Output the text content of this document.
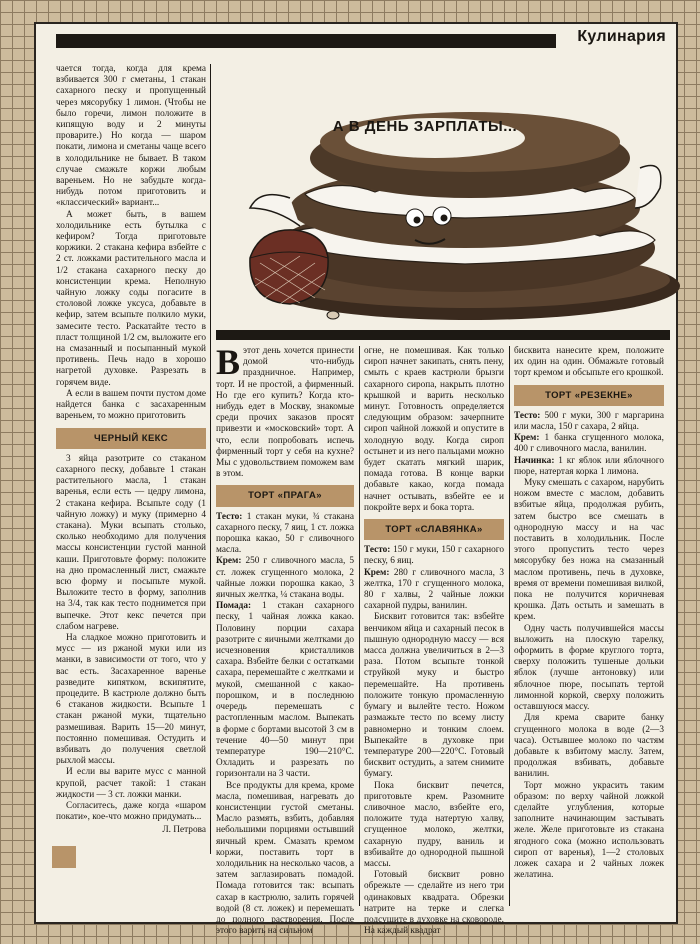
Кулинария
А В ДЕНЬ ЗАРПЛАТЫ...

чается тогда, когда для крема взбивается 300 г сметаны, 1 стакан сахарного песку и пропущенный через мясорубку 1 лимон. (Чтобы не было горечи, лимон положите в кипящую воду и 2 минуты проварите.) Но когда — шаром покати, лимона и сметаны чаще всего в холодильнике не бывает. В таком случае смажьте коржи любым вареньем. Но не забудьте когда-нибудь потом приготовить и «классический» вариант...

А может быть, в вашем холодильнике есть бутылка с кефиром? Тогда приготовьте коржики. 2 стакана кефира взбейте с 2 ст. ложками растительного масла и 1/2 стакана сахарного песку до консистенции крема. Неполную чайную ложку соды погасите в столовой ложке уксуса, добавьте в кефир, затем всыпьте полкило муки, замесите тесто. Раскатайте тесто в пласт толщиной 1/2 см, выложите его на смазанный и посыпанный мукой противень. Печь надо в хорошо нагретой духовке. Разрезать в горячем виде.

А если в вашем почти пустом доме найдется банка с засахаренным вареньем, то можно приготовить

ЧЕРНЫЙ КЕКС

3 яйца разотрите со стаканом сахарного песку, добавьте 1 стакан растительного масла, 1 стакан варенья, если есть — цедру лимона, 2 стакана кефира. Всыпьте соду (1 чайную ложку) и муку (примерно 4 стакана). Муки всыпать столько, сколько необходимо для получения массы консистенции густой манной каши. Приготовьте форму: положите на дно промасленный лист, смажьте всю форму и посыпьте мукой. Выложите тесто в форму, заполнив на 3/4, так как тесто поднимется при выпечке. Этот кекс печется при слабом нагреве.

На сладкое можно приготовить и мусс — из ржаной муки или из манки, в зависимости от того, что у вас есть. Засахаренное варенье разведите кипятком, вскипятите, процедите. В кастрюле должно быть 6 стаканов жидкости. Всыпьте 1 стакан ржаной муки, тщательно размешивая. Варить 15—20 минут, постоянно помешивая. Остудить и взбивать до получения светлой рыхлой массы.

И если вы варите мусс с манной крупой, расчет такой: 1 стакан жидкости — 3 ст. ложки манки.

Согласитесь, даже когда «шаром покати», кое-что можно придумать...

Л. Петрова

Вэтот день хочется принести домой что-нибудь праздничное. Например, торт. И не простой, а фирменный. Но где его купить? Когда кто-нибудь едет в Москву, знакомые среди прочих заказов просят привезти и «московский» торт. А что, если попробовать испечь фирменный торт у себя на кухне? Мы с удовольствием поможем вам в этом.

ТОРТ «ПРАГА»

Тесто: 1 стакан муки, ¾ стакана сахарного песку, 7 яиц, 1 ст. ложка порошка какао, 50 г сливочного масла.

Крем: 250 г сливочного масла, 5 ст. ложек сгущенного молока, 2 чайные ложки порошка какао, 3 яичных желтка, ¼ стакана воды.

Помада: 1 стакан сахарного песку, 1 чайная ложка какао. Половину порции сахара разотрите с яичными желтками до исчезновения кристалликов сахара. Взбейте белки с остатками сахара, перемешайте с желтками и мукой, смешанной с какао-порошком, и в последнюю очередь перемешать с растопленным маслом. Выпекать в форме с бортами высотой 3 см в течение 40—50 минут при температуре 190—210°С. Охладить и разрезать по горизонтали на 3 части.

Все продукты для крема, кроме масла, помешивая, нагревать до консистенции густой сметаны. Масло размять, взбить, добавляя небольшими порциями остывший яичный крем. Смазать кремом коржи, поставить торт в холодильник на несколько часов, а затем заглазировать помадой. Помада готовится так: всыпать сахар в кастрюлю, залить горячей водой (8 ст. ложек) и перемешать до полного растворения. После этого варить на сильном

огне, не помешивая. Как только сироп начнет закипать, снять пену, смыть с краев кастрюли брызги сахарного сиропа, накрыть плотно крышкой и варить несколько минут. Готовность определяется следующим образом: зачерпните сироп чайной ложкой и опустите в холодную воду. Когда сироп остынет и из него пальцами можно будет скатать мягкий шарик, помада готова. В конце варки добавьте какао, когда помада начнет остывать, взбейте ее и покройте верх и бока торта.

ТОРТ «СЛАВЯНКА»

Тесто: 150 г муки, 150 г сахарного песку, 6 яиц.

Крем: 280 г сливочного масла, 3 желтка, 170 г сгущенного молока, 80 г халвы, 2 чайные ложки сахарной пудры, ванилин.

Бисквит готовится так: взбейте венчиком яйца и сахарный песок в пышную однородную массу — вся масса должна увеличиться в 2—3 раза. Потом всыпьте тонкой струйкой муку и быстро перемешайте. На противень положите тонкую промасленную бумагу и вылейте тесто. Ножом размажьте тесто по всему листу равномерно и тонким слоем. Выпекайте в духовке при температуре 200—220°С. Готовый бисквит остудить, а затем снимите бумагу.

Пока бисквит печется, приготовьте крем. Разомните сливочное масло, взбейте его, положите туда натертую халву, сгущенное молоко, желтки, сахарную пудру, ваниль и взбивайте до однородной пышной массы.

Готовый бисквит ровно обрежьте — сделайте из него три одинаковых квадрата. Обрезки натрите на терке и слегка подсушите в духовке на сковороде. На каждый квадрат

бисквита нанесите крем, положите их один на один. Обмажьте готовый торт кремом и обсыпьте его крошкой.

ТОРТ «РЕЗЕКНЕ»

Тесто: 500 г муки, 300 г маргарина или масла, 150 г сахара, 2 яйца.

Крем: 1 банка сгущенного молока, 400 г сливочного масла, ванилин.

Начинка: 1 кг яблок или яблочного пюре, натертая корка 1 лимона.

Муку смешать с сахаром, нарубить ножом вместе с маслом, добавить взбитые яйца, продолжая рубить, затем быстро все смешать в однородную массу и на час поставить в холодильник. После этого пропустить тесто через мясорубку без ножа на смазанный маслом противень, печь в духовке, время от времени помешивая вилкой, пока не получится коричневая крошка. Дать остыть и замешать в крем.

Одну часть получившейся массы выложить на плоскую тарелку, оформить в форме круглого торта, сверху положить тушеные дольки яблок (лучше антоновку) или яблочное пюре, посыпать тертой лимонной коркой, сверху положить оставшуюся массу.

Для крема сварите банку сгущенного молока в воде (2—3 часа). Остывшее молоко по частям добавьте к взбитому маслу. Затем, продолжая взбивать, добавьте ванилин.

Торт можно украсить таким образом: по верху чайной ложкой сделайте углубления, которые заполните начинающим застывать желе. Желе приготовьте из стакана ягодного сока (можно использовать сироп от варенья), 1—2 столовых ложек сахара и 2 чайных ложек желатина.
